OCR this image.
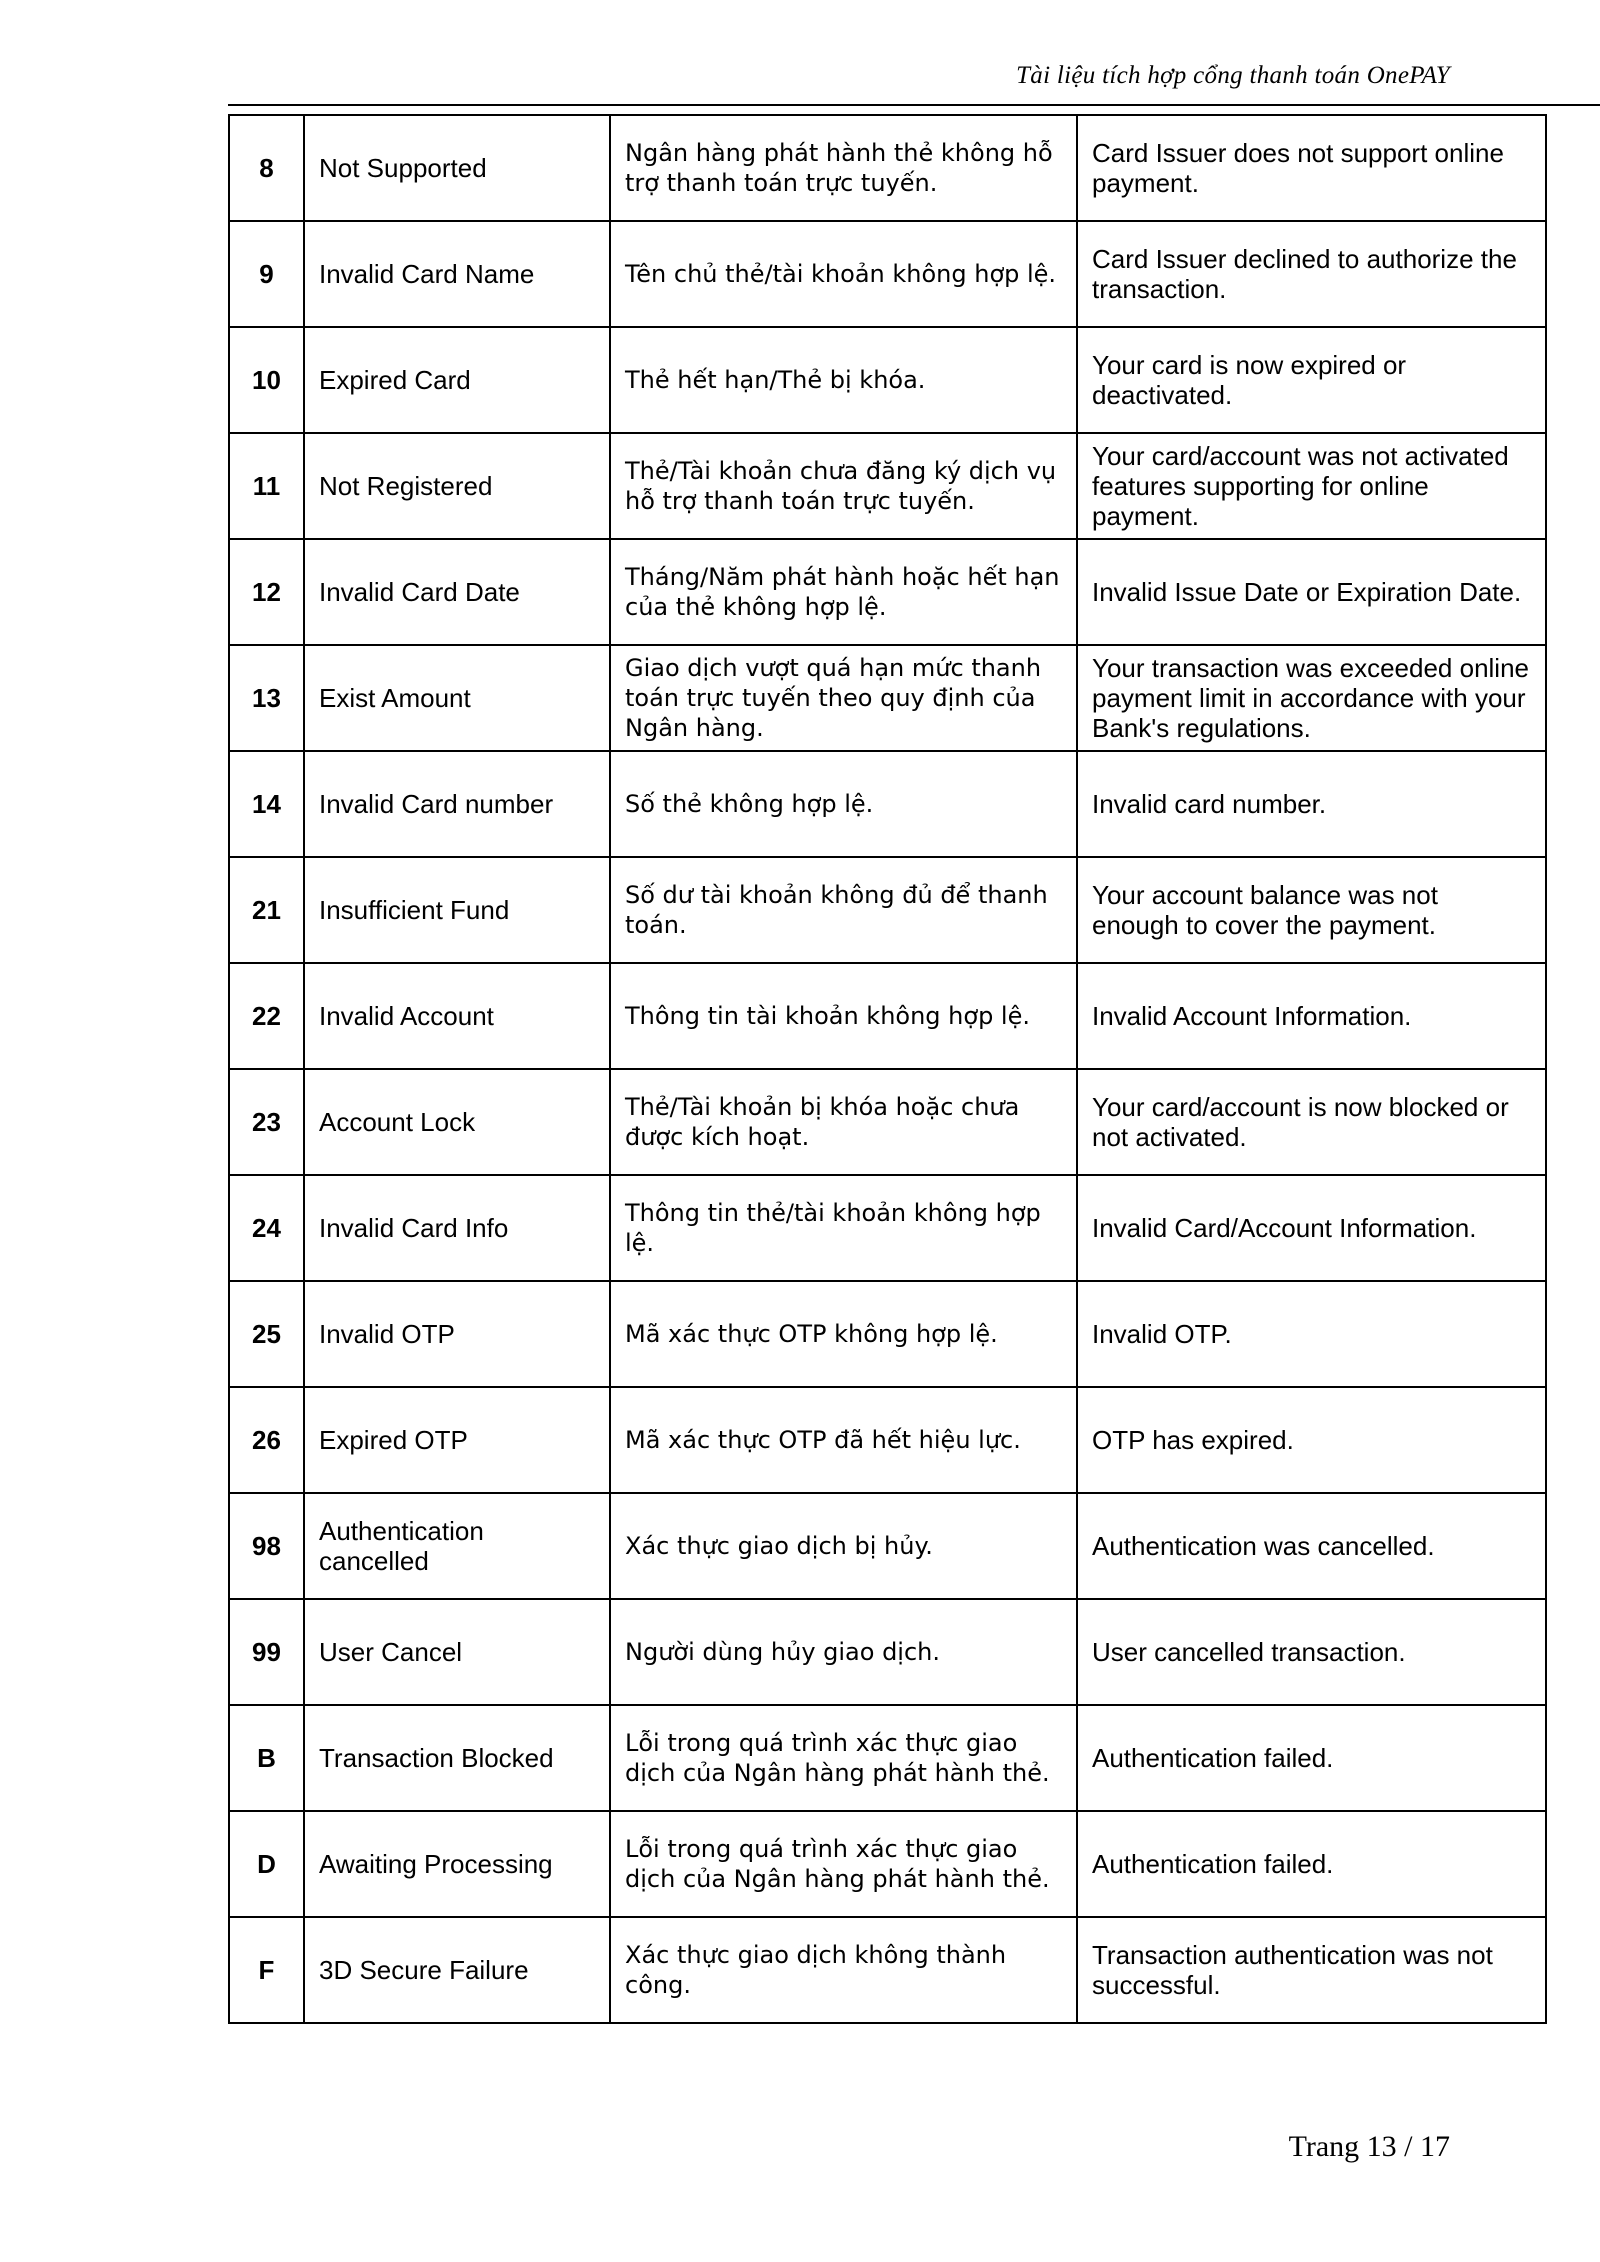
Tài liệu tích hợp cổng thanh toán OnePAY
8	Not Supported	Ngân hàng phát hành thẻ không hỗ trợ thanh toán trực tuyến.	Card Issuer does not support online payment.
9	Invalid Card Name	Tên chủ thẻ/tài khoản không hợp lệ.	Card Issuer declined to authorize the transaction.
10	Expired Card	Thẻ hết hạn/Thẻ bị khóa.	Your card is now expired or deactivated.
11	Not Registered	Thẻ/Tài khoản chưa đăng ký dịch vụ hỗ trợ thanh toán trực tuyến.	Your card/account was not activated features supporting for online payment.
12	Invalid Card Date	Tháng/Năm phát hành hoặc hết hạn của thẻ không hợp lệ.	Invalid Issue Date or Expiration Date.
13	Exist Amount	Giao dịch vượt quá hạn mức thanh toán trực tuyến theo quy định của Ngân hàng.	Your transaction was exceeded online payment limit in accordance with your Bank's regulations.
14	Invalid Card number	Số thẻ không hợp lệ.	Invalid card number.
21	Insufficient Fund	Số dư tài khoản không đủ để thanh toán.	Your account balance was not enough to cover the payment.
22	Invalid Account	Thông tin tài khoản không hợp lệ.	Invalid Account Information.
23	Account Lock	Thẻ/Tài khoản bị khóa hoặc chưa được kích hoạt.	Your card/account is now blocked or not activated.
24	Invalid Card Info	Thông tin thẻ/tài khoản không hợp lệ.	Invalid Card/Account Information.
25	Invalid OTP	Mã xác thực OTP không hợp lệ.	Invalid OTP.
26	Expired OTP	Mã xác thực OTP đã hết hiệu lực.	OTP has expired.
98	Authentication cancelled	Xác thực giao dịch bị hủy.	Authentication was cancelled.
99	User Cancel	Người dùng hủy giao dịch.	User cancelled transaction.
B	Transaction Blocked	Lỗi trong quá trình xác thực giao dịch của Ngân hàng phát hành thẻ.	Authentication failed.
D	Awaiting Processing	Lỗi trong quá trình xác thực giao dịch của Ngân hàng phát hành thẻ.	Authentication failed.
F	3D Secure Failure	Xác thực giao dịch không thành công.	Transaction authentication was not successful.
Trang 13 / 17
